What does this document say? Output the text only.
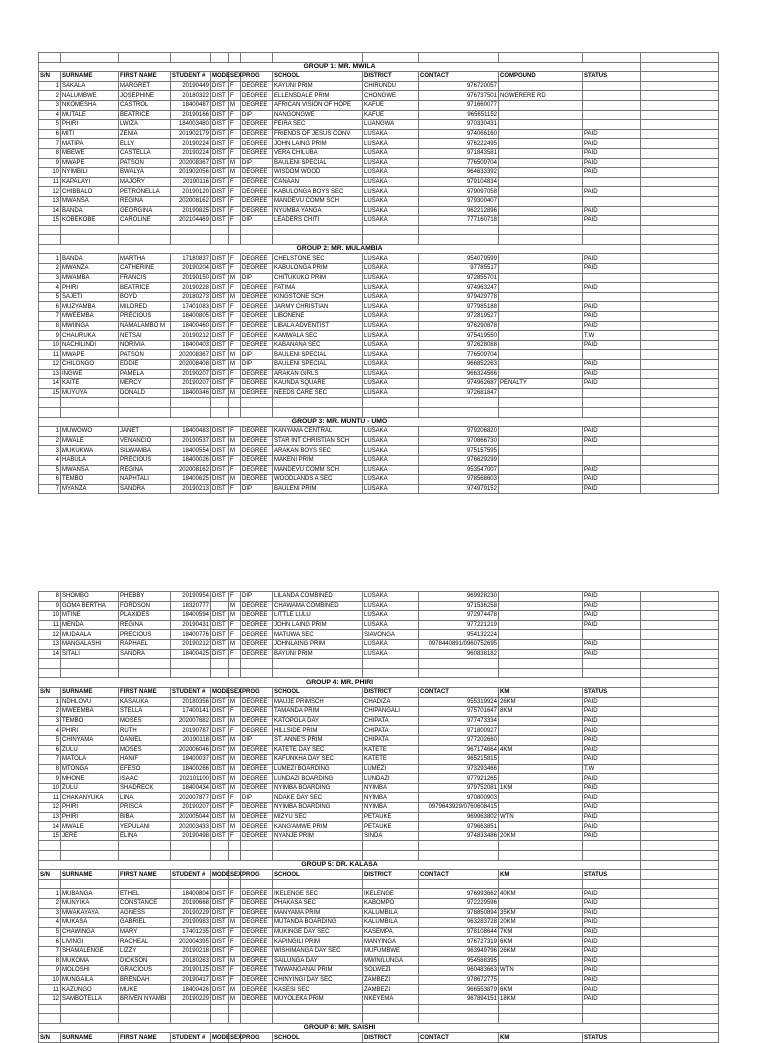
GROUP 1: MR. MWILA												
S/N	SURNAME	FIRST NAME	STUDENT #	MODE	SEX	PROG	SCHOOL	DISTRICT	CONTACT	COMPOUND	STATUS	
1	SAKALA	MARGRET	20190449	DIST	F	DEGREE	KAYUNI PRIM	CHIRUNDU	976720057			
2	NALUMBWE	JOSEPHINE	20180322	DIST	F	DEGREE	ELLENSDALE PRIM	CHONGWE	976737501	NGWERERE RD		
3	NKOMESHA	CASTROL	18400487	DIST	M	DEGREE	AFRICAN VISION OF HOPE	KAFUE	971660077			
4	MUTALE	BEATRICE	20190166	DIST	F	DIP	NANGONGWE	KAFUE	965651152			
5	PHIRI	LWIZA	184003480	DIST	F	DEGREE	FEIRA SEC	LUANGWA	970330431			
6	MITI	ZENIA	201902179	DIST	F	DEGREE	FRIENDS OF JESUS CONV	LUSAKA	974066160		PAID	
7	MATIPA	ELLY	20190224	DIST	F	DEGREE	JOHN LAING PRIM	LUSAKA	976222495		PAID	
8	MBEWE	CASTELLA	20190224	DIST	F	DEGREE	VERA CHILUBA	LUSAKA	971843581		PAID	
9	MWAPE	PATSON	202008367	DIST	M	DIP	BAULENI SPECIAL	LUSAKA	776509704		PAID	
10	NYIMBILI	BWALYA	201902056	DIST	M	DEGREE	WISDOM WOOD	LUSAKA	964633392		PAID	
11	KAPALAYI	MAJORY	20190116	DIST	F	DEGREE	CANAAN	LUSAKA	979104834			
12	CHIBBALO	PETRONELLA	20190120	DIST	F	DEGREE	KABULONGA BOYS SEC	LUSAKA	979097058		PAID	
13	MWANSA	REGINA	202008162	DIST	F	DEGREE	MANDEVU COMM SCH	LUSAKA	979300407			
14	BANDA	GEORGINA	20190825	DIST	F	DEGREE	NYUMBA YANGA	LUSAKA	962212896		PAID	
15	KOBEKOBE	CAROLINE	202104469	DIST	F	DIP	LEADERS CHITI	LUSAKA	777160718		PAID	

GROUP 2: MR. MULAMBIA												
1	BANDA	MARTHA	17180837	DIST	F	DEGREE	CHELSTONE SEC	LUSAKA	954079599		PAID	
2	MWANZA	CATHERINE	20190204	DIST	F	DEGREE	KABULONGA PRIM	LUSAKA	97785517		PAID	
3	MWAMBA	FRANCIS	20190150	DIST	M	DIP	CHITUKUKO PRIM	LUSAKA	972855701			
4	PHIRI	BEATRICE	20190228	DIST	F	DEGREE	FATIMA	LUSAKA	974963247		PAID	
5	SAJETI	BOYD	20180273	DIST	M	DEGREE	KINGSTONE SCH	LUSAKA	979429778			
6	MUZYAMBA	MILDRED	17401083	DIST	F	DEGREE	JARMY CHRISTIAN	LUSAKA	977985188		PAID	
7	MWEEMBA	PRECIOUS	18400805	DIST	F	DEGREE	LIBONENE	LUSAKA	972819527		PAID	
8	MWIINGA	NAMALAMBO M	18400460	DIST	F	DEGREE	LIBALA ADVENTIST	LUSAKA	976290878		PAID	
9	CHAURUKA	NETSAI	20190212	DIST	F	DEGREE	KAMWALA SEC	LUSAKA	975419550		T.W	
10	NACHILINDI	NORIVIA	18400403	DIST	F	DEGREE	KABANANA SEC	LUSAKA	972628088		PAID	
11	MWAPE	PATSON	202008367	DIST	M	DIP	BAULENI SPECIAL	LUSAKA	776509704			
12	CHILONGO	EDDIE	202008408	DIST	M	DIP	BAULENI SPECIAL	LUSAKA	966852263		PAID	
13	INGWE	PAMELA	20190207	DIST	F	DEGREE	ARAKAN GIRLS	LUSAKA	966324566		PAID	
14	KAITE	MERCY	20190207	DIST	F	DEGREE	KAUNDA SQUARE	LUSAKA	974962687	PENALTY	PAID	
15	MUYUYA	DONALD	18400346	DIST	M	DEGREE	NEEDS CARE SEC	LUSAKA	972681847			

GROUP 3: MR. MUNTU - UMO												
1	MUWOWO	JANET	18400483	DIST	F	DEGREE	KANYAMA CENTRAL	LUSAKA	979206820		PAID	
2	MWALE	VENANCIO	20190537	DIST	M	DEGREE	STAR INT CHRISTIAN SCH	LUSAKA	970866730		PAID	
3	MUKUKWA	SILWAMBA	18400554	DIST	M	DEGREE	ARAKAN BOYS SEC	LUSAKA	975157595			
4	HABULA	PRECIOUS	18400026	DIST	F	DEGREE	MAKENI PRIM	LUSAKA	976629299			
5	MWANSA	REGINA	202008162	DIST	F	DEGREE	MANDEVU COMM SCH	LUSAKA	953547007		PAID	
6	TEMBO	NAPHTALI	18400625	DIST	M	DEGREE	WOODLANDS A SEC	LUSAKA	978568603		PAID	
7	MYANZA	SANDRA	20190213	DIST	F	DIP	BAULENI PRIM	LUSAKA	974979152		PAID	
8	SHOMBO	PHEBBY	20190954	DIST	F	DIP	LILANDA COMBINED	LUSAKA	969928230		PAID	
9	GOMA BERTHA	FORDSON	18320777		M	DEGREE	CHAWAMA COMBINED	LUSAKA	971536258		PAID	
10	MTINE	PLAXIDES	18400594	DIST	M	DEGREE	LITTLE LULU	LUSAKA	972974478		PAID	
11	MENDA	REGINA	20190431	DIST	F	DEGREE	JOHN LAING PRIM	LUSAKA	977221219		PAID	
12	MUDAALA	PRECIOUS	18400776	DIST	F	DEGREE	MATUWA SEC	SIAVONGA	954132224			
13	MANGALASHI	RAPHAEL	20190212	DIST	M	DEGREE	JOHNLAING PRIM	LUSAKA	0978440891/0960752695		PAID	
14	SITALI	SANDRA	18400425	DIST	F	DEGREE	BAYUNI PRIM	LUSAKA	960838182		PAID	

GROUP 4: MR. PHIRI												
S/N	SURNAME	FIRST NAME	STUDENT #	MODE	SEX	PROG	SCHOOL	DISTRICT	CONTACT	KM	STATUS	
1	NDHLOVU	KASAUKA	20180356	DIST	M	DEGREE	MAUJE PRIMSCH	CHADIZA	955319924	26KM	PAID	
2	MWEEMBA	STELLA	17400141	DIST	F	DEGREE	TAMANDA PRIM	CHIPANGALI	975701647	8KM	PAID	
3	TEMBO	MOSES	202007682	DIST	M	DEGREE	KATOPOLA DAY	CHIPATA	977473334		PAID	
4	PHIRI	RUTH	20190787	DIST	F	DEGREE	HILLSIDE PRIM	CHIPATA	971800927		PAID	
5	CHINYAMA	DANIEL	20190118	DIST	M	DIP	ST. ANNE'S PRIM	CHIPATA	977202660		PAID	
6	ZULU	MOSES	202006046	DIST	M	DEGREE	KATETE DAY SEC	KATETE	967174664	4KM	PAID	
7	MATOLA	HANIF	18400037	DIST	M	DEGREE	KAFUNKHA DAY SEC	KATETE	965215815		PAID	
8	MTONGA	EFESO	18400266	DIST	M	DEGREE	LUMEZI BOARDING	LUMEZI	973293466		T.W	
9	MHONE	ISAAC	202101100	DIST	M	DEGREE	LUNDAZI BOARDING	LUNDAZI	977921265		PAID	
10	ZULU	SHADRECK	18400434	DIST	M	DEGREE	NYIMBA BOARDING	NYIMBA	979752081	1KM	PAID	
11	CHAKANYUKA	LINA	202007877	DIST	F	DIP	NDAKE DAY SEC	NYIMBA	970800903		PAID	
12	PHIRI	PRISCA	20190207	DIST	F	DEGREE	NYIMBA BOARDING	NYIMBA	0979643929/0760608415		PAID	
13	PHIRI	BIBA	202005044	DIST	M	DEGREE	MIZYU SEC	PETAUKE	969963802	WTN	PAID	
14	MWALE	YEPULANI	202003433	DIST	M	DEGREE	KANG'AMWE PRIM	PETAUKE	979663851		PAID	
15	JERE	ELINA	20190498	DIST	F	DEGREE	NYANJE PRIM	SINDA	974833486	20KM	PAID	

GROUP 5: DR. KALASA												
S/N	SURNAME	FIRST NAME	STUDENT #	MODE	SEX	PROG	SCHOOL	DISTRICT	CONTACT	KM	STATUS	

1	MUBANGA	ETHEL	18400804	DIST	F	DEGREE	IKELENGE SEC	IKELENGE	976993662	40KM	PAID	
2	MUNYIKA	CONSTANCE	20190668	DIST	F	DEGREE	PHAKASA SEC	KABOMPO	972229596		PAID	
3	MWAKAYAYA	AGNESS	20190229	DIST	F	DEGREE	MANYAMA PRIM	KALUMBILA	978850894	35KM	PAID	
4	MUKASA	GABRIEL	20190983	DIST	M	DEGREE	MUTANDA BOARDING	KALUMBILA	963283728	20KM	PAID	
5	CHAWINGA	MARY	17401235	DIST	F	DEGREE	MUKINGE DAY SEC	KASEMPA	978108644	7KM	PAID	
6	LIVINGI	RACHEAL	202004395	DIST	F	DEGREE	KAPINGILI PRIM	MANYINGA	976727319	6KM	PAID	
7	SHAMALENGE	LIZZY	20190218	DIST	F	DEGREE	WISHIMANGA DAY SEC	MUFUMBWE	963949796	26KM	PAID	
8	MUKOMA	DICKSON	20180263	DIST	M	DEGREE	SAILUNGA DAY	MWINILUNGA	954588395		PAID	
9	MOLOSHI	GRACIOUS	20190125	DIST	F	DEGREE	TWWANGANAI PRIM	SOLWEZI	960483663	WTN	PAID	
10	MUNGAILA	BRENDAH	20190417	DIST	F	DEGREE	CHINYINGI DAY SEC	ZAMBEZI	978672775		PAID	
11	KAZUNGO	MUKE	18400426	DIST	M	DEGREE	KASESI SEC	ZAMBEZI	966553879	6KM	PAID	
12	SAMBOTELLA	BRIVEN NYAMBI	20190229	DIST	M	DEGREE	MUYOLEKA PRIM	NKEYEMA	967894151	18KM	PAID	

GROUP 6: MR. SAISHI												
S/N	SURNAME	FIRST NAME	STUDENT #	MODE	SEX	PROG	SCHOOL	DISTRICT	CONTACT	KM	STATUS	
